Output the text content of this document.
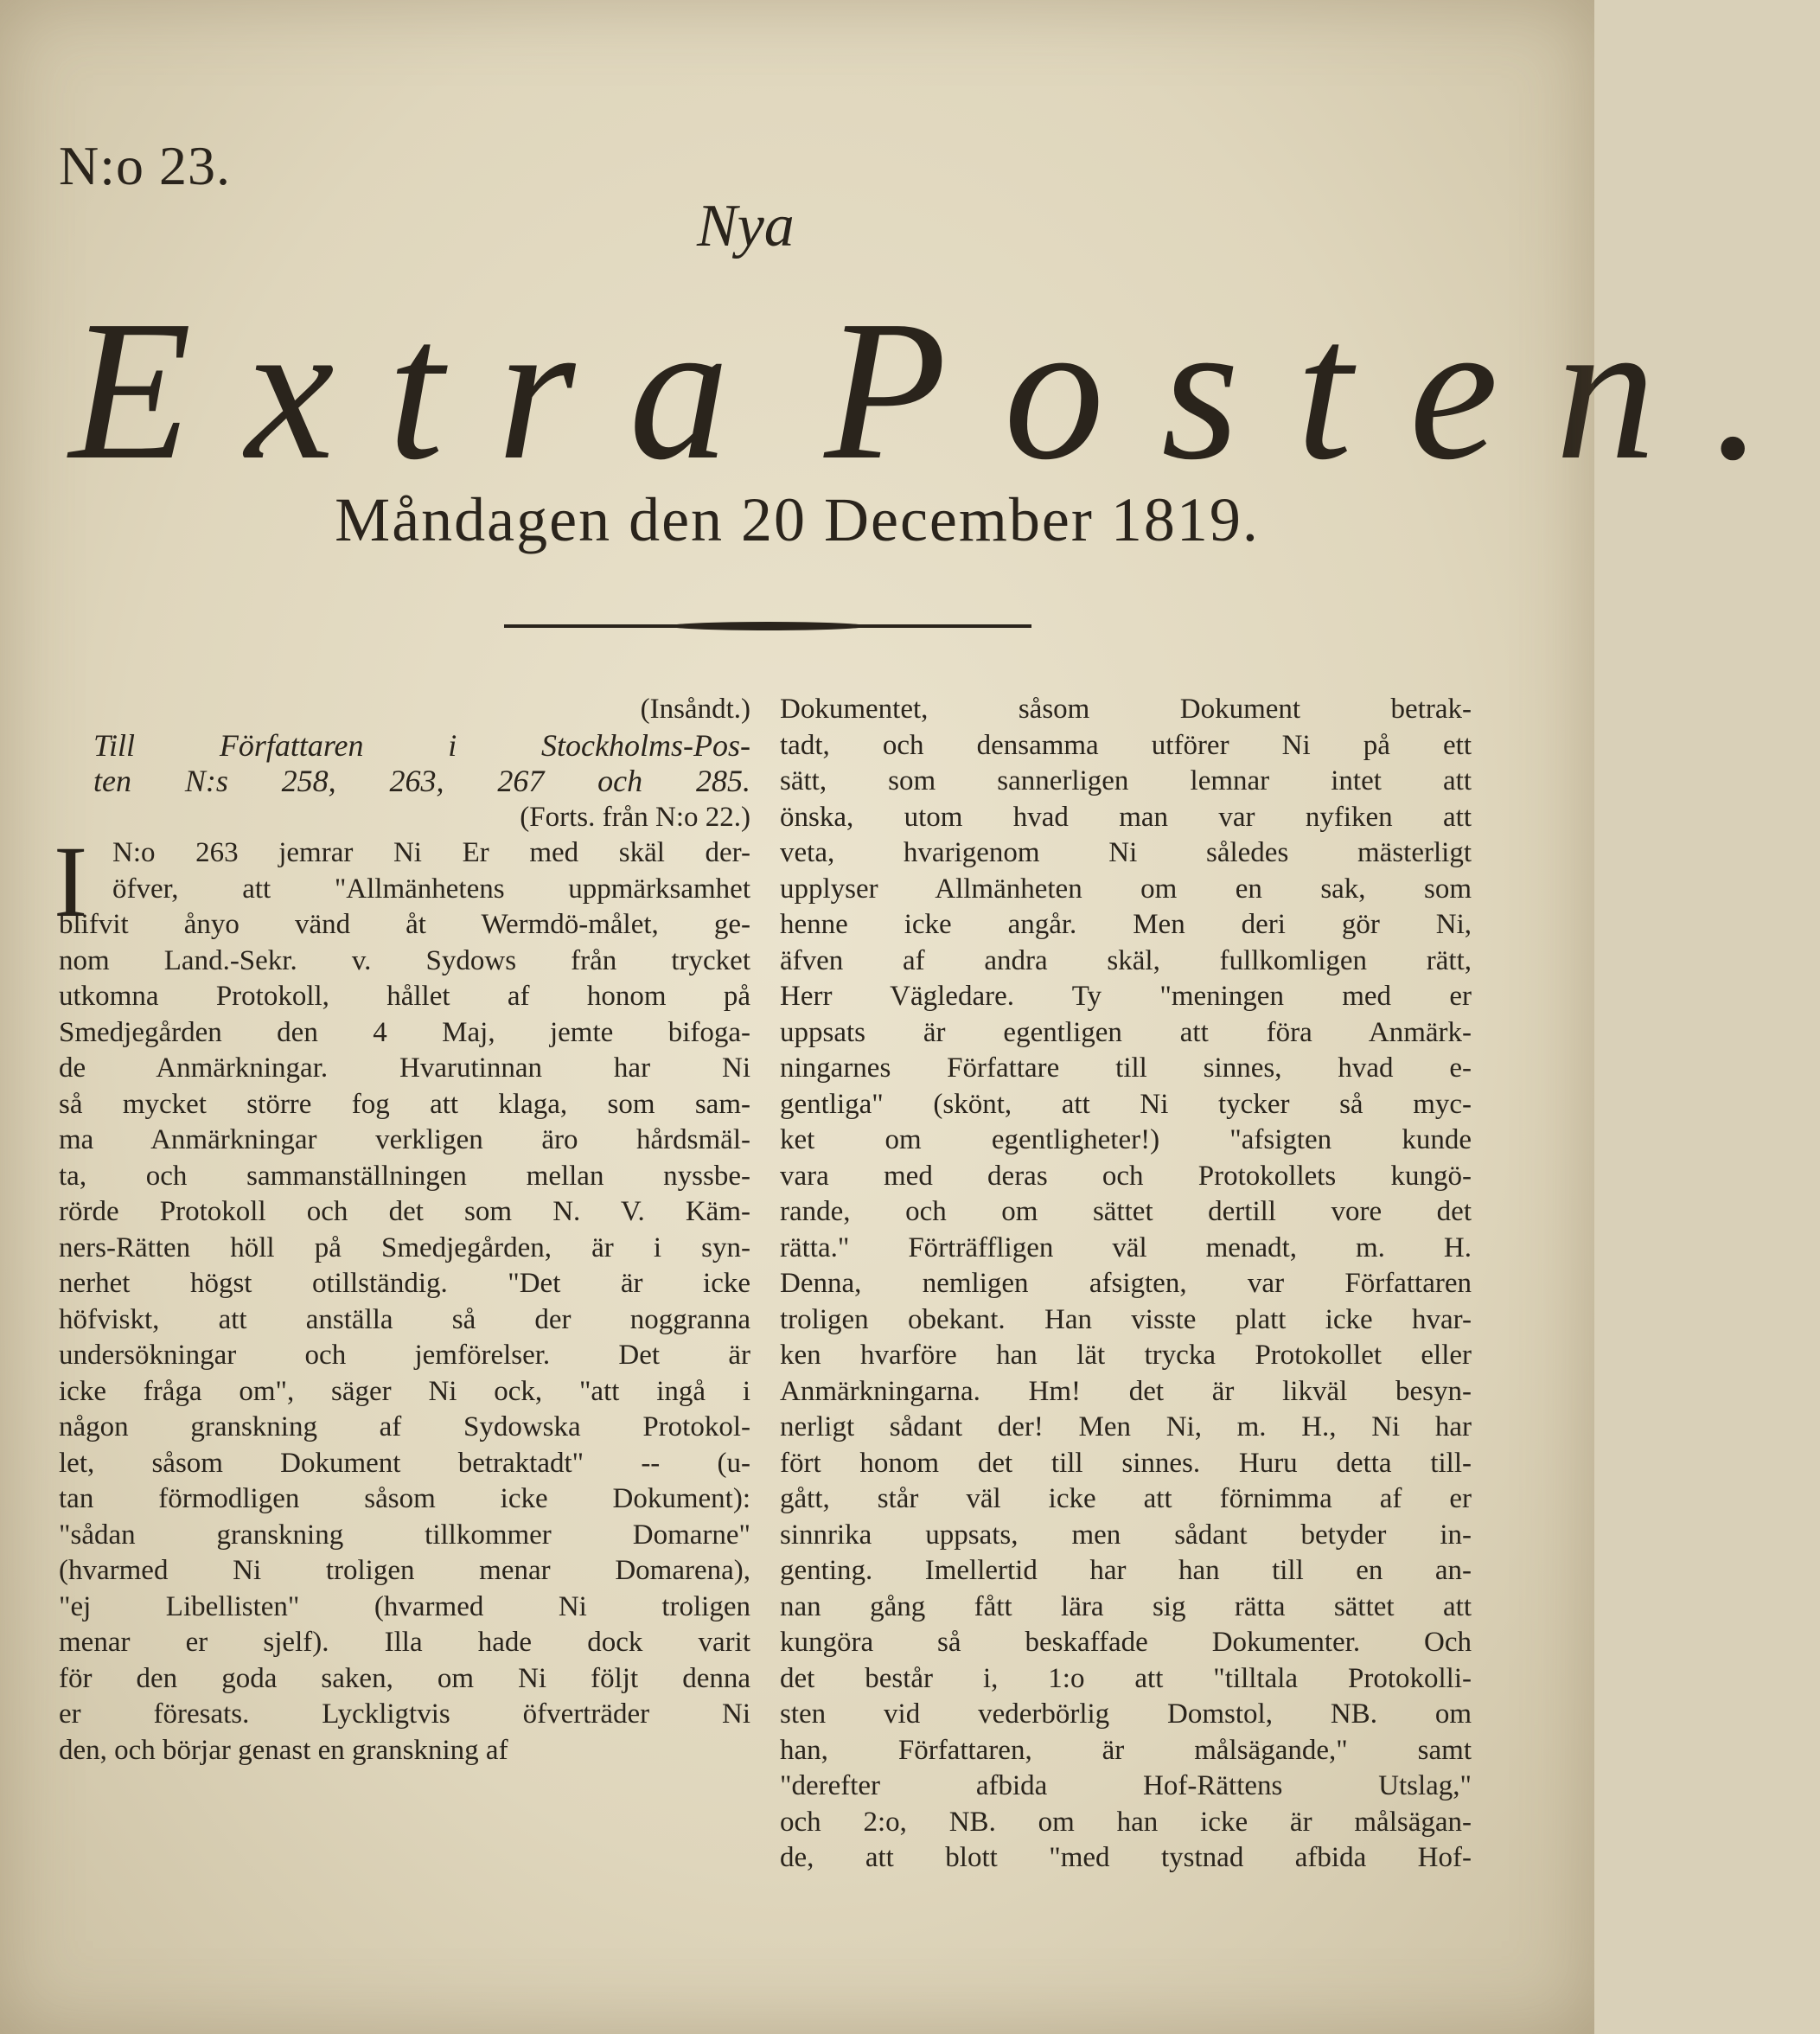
N:o 23.
Nya
Extra Posten.
Måndagen den 20 December 1819.
(Insåndt.)
Till Författaren i Stockholms-Pos-
ten N:s 258, 263, 267 och 285.
(Forts. från N:o 22.)
I N:o 263 jemrar Ni Er med skäl der-
öfver, att "Allmänhetens uppmärksamhet
blifvit ånyo vänd åt Wermdö-målet, ge-
nom Land.-Sekr. v. Sydows från trycket
utkomna Protokoll, hållet af honom på
Smedjegården den 4 Maj, jemte bifoga-
de Anmärkningar. Hvarutinnan har Ni
så mycket större fog att klaga, som sam-
ma Anmärkningar verkligen äro hårdsmäl-
ta, och sammanställningen mellan nyssbe-
rörde Protokoll och det som N. V. Käm-
ners-Rätten höll på Smedjegården, är i syn-
nerhet högst otillständig. "Det är icke
höfviskt, att anställa så der noggranna
undersökningar och jemförelser. Det är
icke fråga om", säger Ni ock, "att ingå i
någon granskning af Sydowska Protokol-
let, såsom Dokument betraktadt" -- (u-
tan förmodligen såsom icke Dokument):
"sådan granskning tillkommer Domarne"
(hvarmed Ni troligen menar Domarena),
"ej Libellisten" (hvarmed Ni troligen
menar er sjelf). Illa hade dock varit
för den goda saken, om Ni följt denna
er föresats. Lyckligtvis öfverträder Ni
den, och börjar genast en granskning af
Dokumentet, såsom Dokument betrak-
tadt, och densamma utförer Ni på ett
sätt, som sannerligen lemnar intet att
önska, utom hvad man var nyfiken att
veta, hvarigenom Ni således mästerligt
upplyser Allmänheten om en sak, som
henne icke angår. Men deri gör Ni,
äfven af andra skäl, fullkomligen rätt,
Herr Vägledare. Ty "meningen med er
uppsats är egentligen att föra Anmärk-
ningarnes Författare till sinnes, hvad e-
gentliga" (skönt, att Ni tycker så myc-
ket om egentligheter!) "afsigten kunde
vara med deras och Protokollets kungö-
rande, och om sättet dertill vore det
rätta." Förträffligen väl menadt, m. H.
Denna, nemligen afsigten, var Författaren
troligen obekant. Han visste platt icke hvar-
ken hvarföre han lät trycka Protokollet eller
Anmärkningarna. Hm! det är likväl besyn-
nerligt sådant der! Men Ni, m. H., Ni har
fört honom det till sinnes. Huru detta till-
gått, står väl icke att förnimma af er
sinnrika uppsats, men sådant betyder in-
genting. Imellertid har han till en an-
nan gång fått lära sig rätta sättet att
kungöra så beskaffade Dokumenter. Och
det består i, 1:o att "tilltala Protokolli-
sten vid vederbörlig Domstol, NB. om
han, Författaren, är målsägande," samt
"derefter afbida Hof-Rättens Utslag,"
och 2:o, NB. om han icke är målsägan-
de, att blott "med tystnad afbida Hof-
